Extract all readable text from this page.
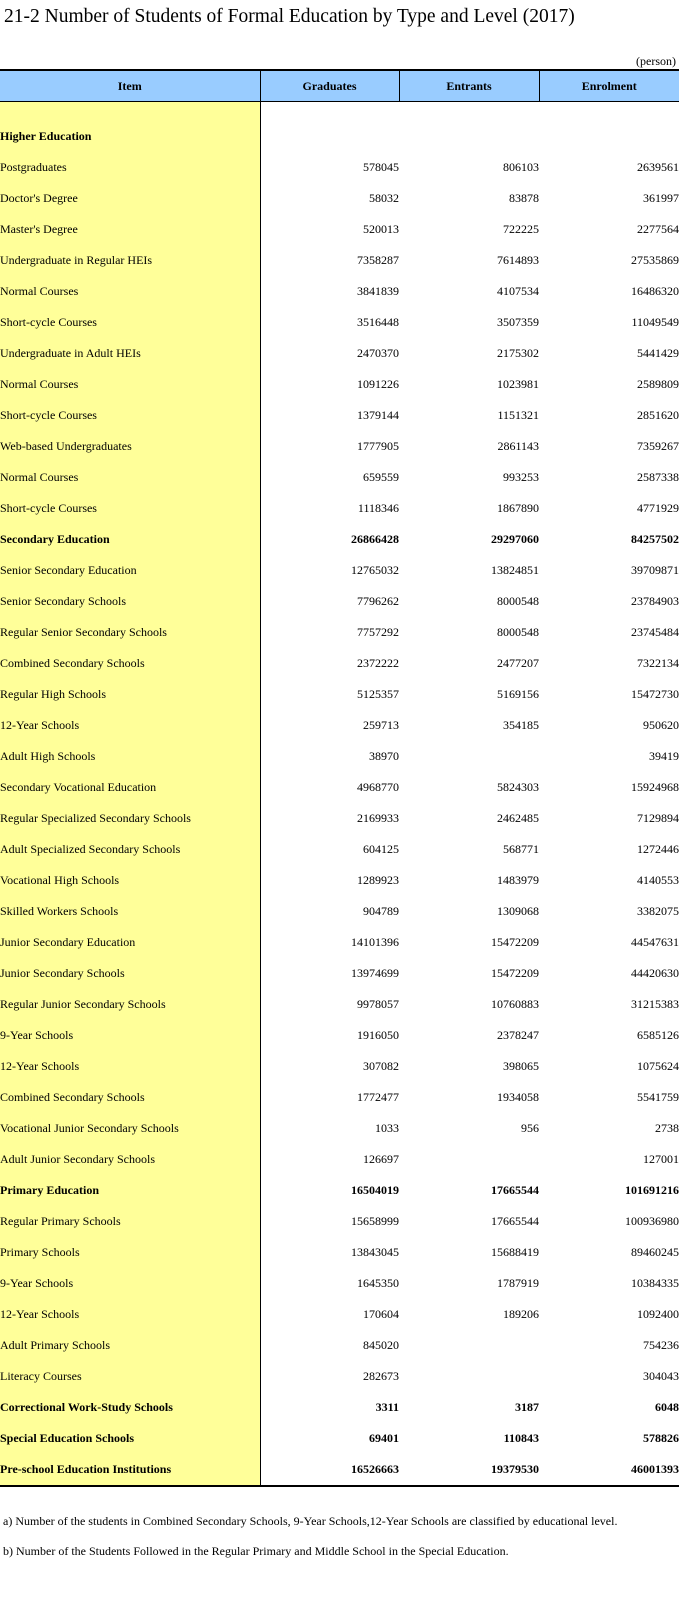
21-2 Number of Students of Formal Education by Type and Level (2017)
(person)
Item	Graduates	Entrants	Enrolment

Higher Education			
Postgraduates	578045	806103	2639561
Doctor's Degree	58032	83878	361997
Master's Degree	520013	722225	2277564
Undergraduate in Regular HEIs	7358287	7614893	27535869
Normal Courses	3841839	4107534	16486320
Short-cycle Courses	3516448	3507359	11049549
Undergraduate in Adult HEIs	2470370	2175302	5441429
Normal Courses	1091226	1023981	2589809
Short-cycle Courses	1379144	1151321	2851620
Web-based Undergraduates	1777905	2861143	7359267
Normal Courses	659559	993253	2587338
Short-cycle Courses	1118346	1867890	4771929
Secondary Education	26866428	29297060	84257502
Senior Secondary Education	12765032	13824851	39709871
Senior Secondary Schools	7796262	8000548	23784903
Regular Senior Secondary Schools	7757292	8000548	23745484
Combined Secondary Schools	2372222	2477207	7322134
Regular High Schools	5125357	5169156	15472730
12-Year Schools	259713	354185	950620
Adult High Schools	38970		39419
Secondary Vocational Education	4968770	5824303	15924968
Regular Specialized Secondary Schools	2169933	2462485	7129894
Adult Specialized Secondary Schools	604125	568771	1272446
Vocational High Schools	1289923	1483979	4140553
Skilled Workers Schools	904789	1309068	3382075
Junior Secondary Education	14101396	15472209	44547631
Junior Secondary Schools	13974699	15472209	44420630
Regular Junior Secondary Schools	9978057	10760883	31215383
9-Year Schools	1916050	2378247	6585126
12-Year Schools	307082	398065	1075624
Combined Secondary Schools	1772477	1934058	5541759
Vocational Junior Secondary Schools	1033	956	2738
Adult Junior Secondary Schools	126697		127001
Primary Education	16504019	17665544	101691216
Regular Primary Schools	15658999	17665544	100936980
Primary Schools	13843045	15688419	89460245
9-Year Schools	1645350	1787919	10384335
12-Year Schools	170604	189206	1092400
Adult Primary Schools	845020		754236
Literacy Courses	282673		304043
Correctional Work-Study Schools	3311	3187	6048
Special Education Schools	69401	110843	578826
Pre-school Education Institutions	16526663	19379530	46001393
a) Number of the students in Combined Secondary Schools, 9-Year Schools,12-Year Schools are classified by educational level.
b) Number of the Students Followed in the Regular Primary and Middle School in the Special Education.
